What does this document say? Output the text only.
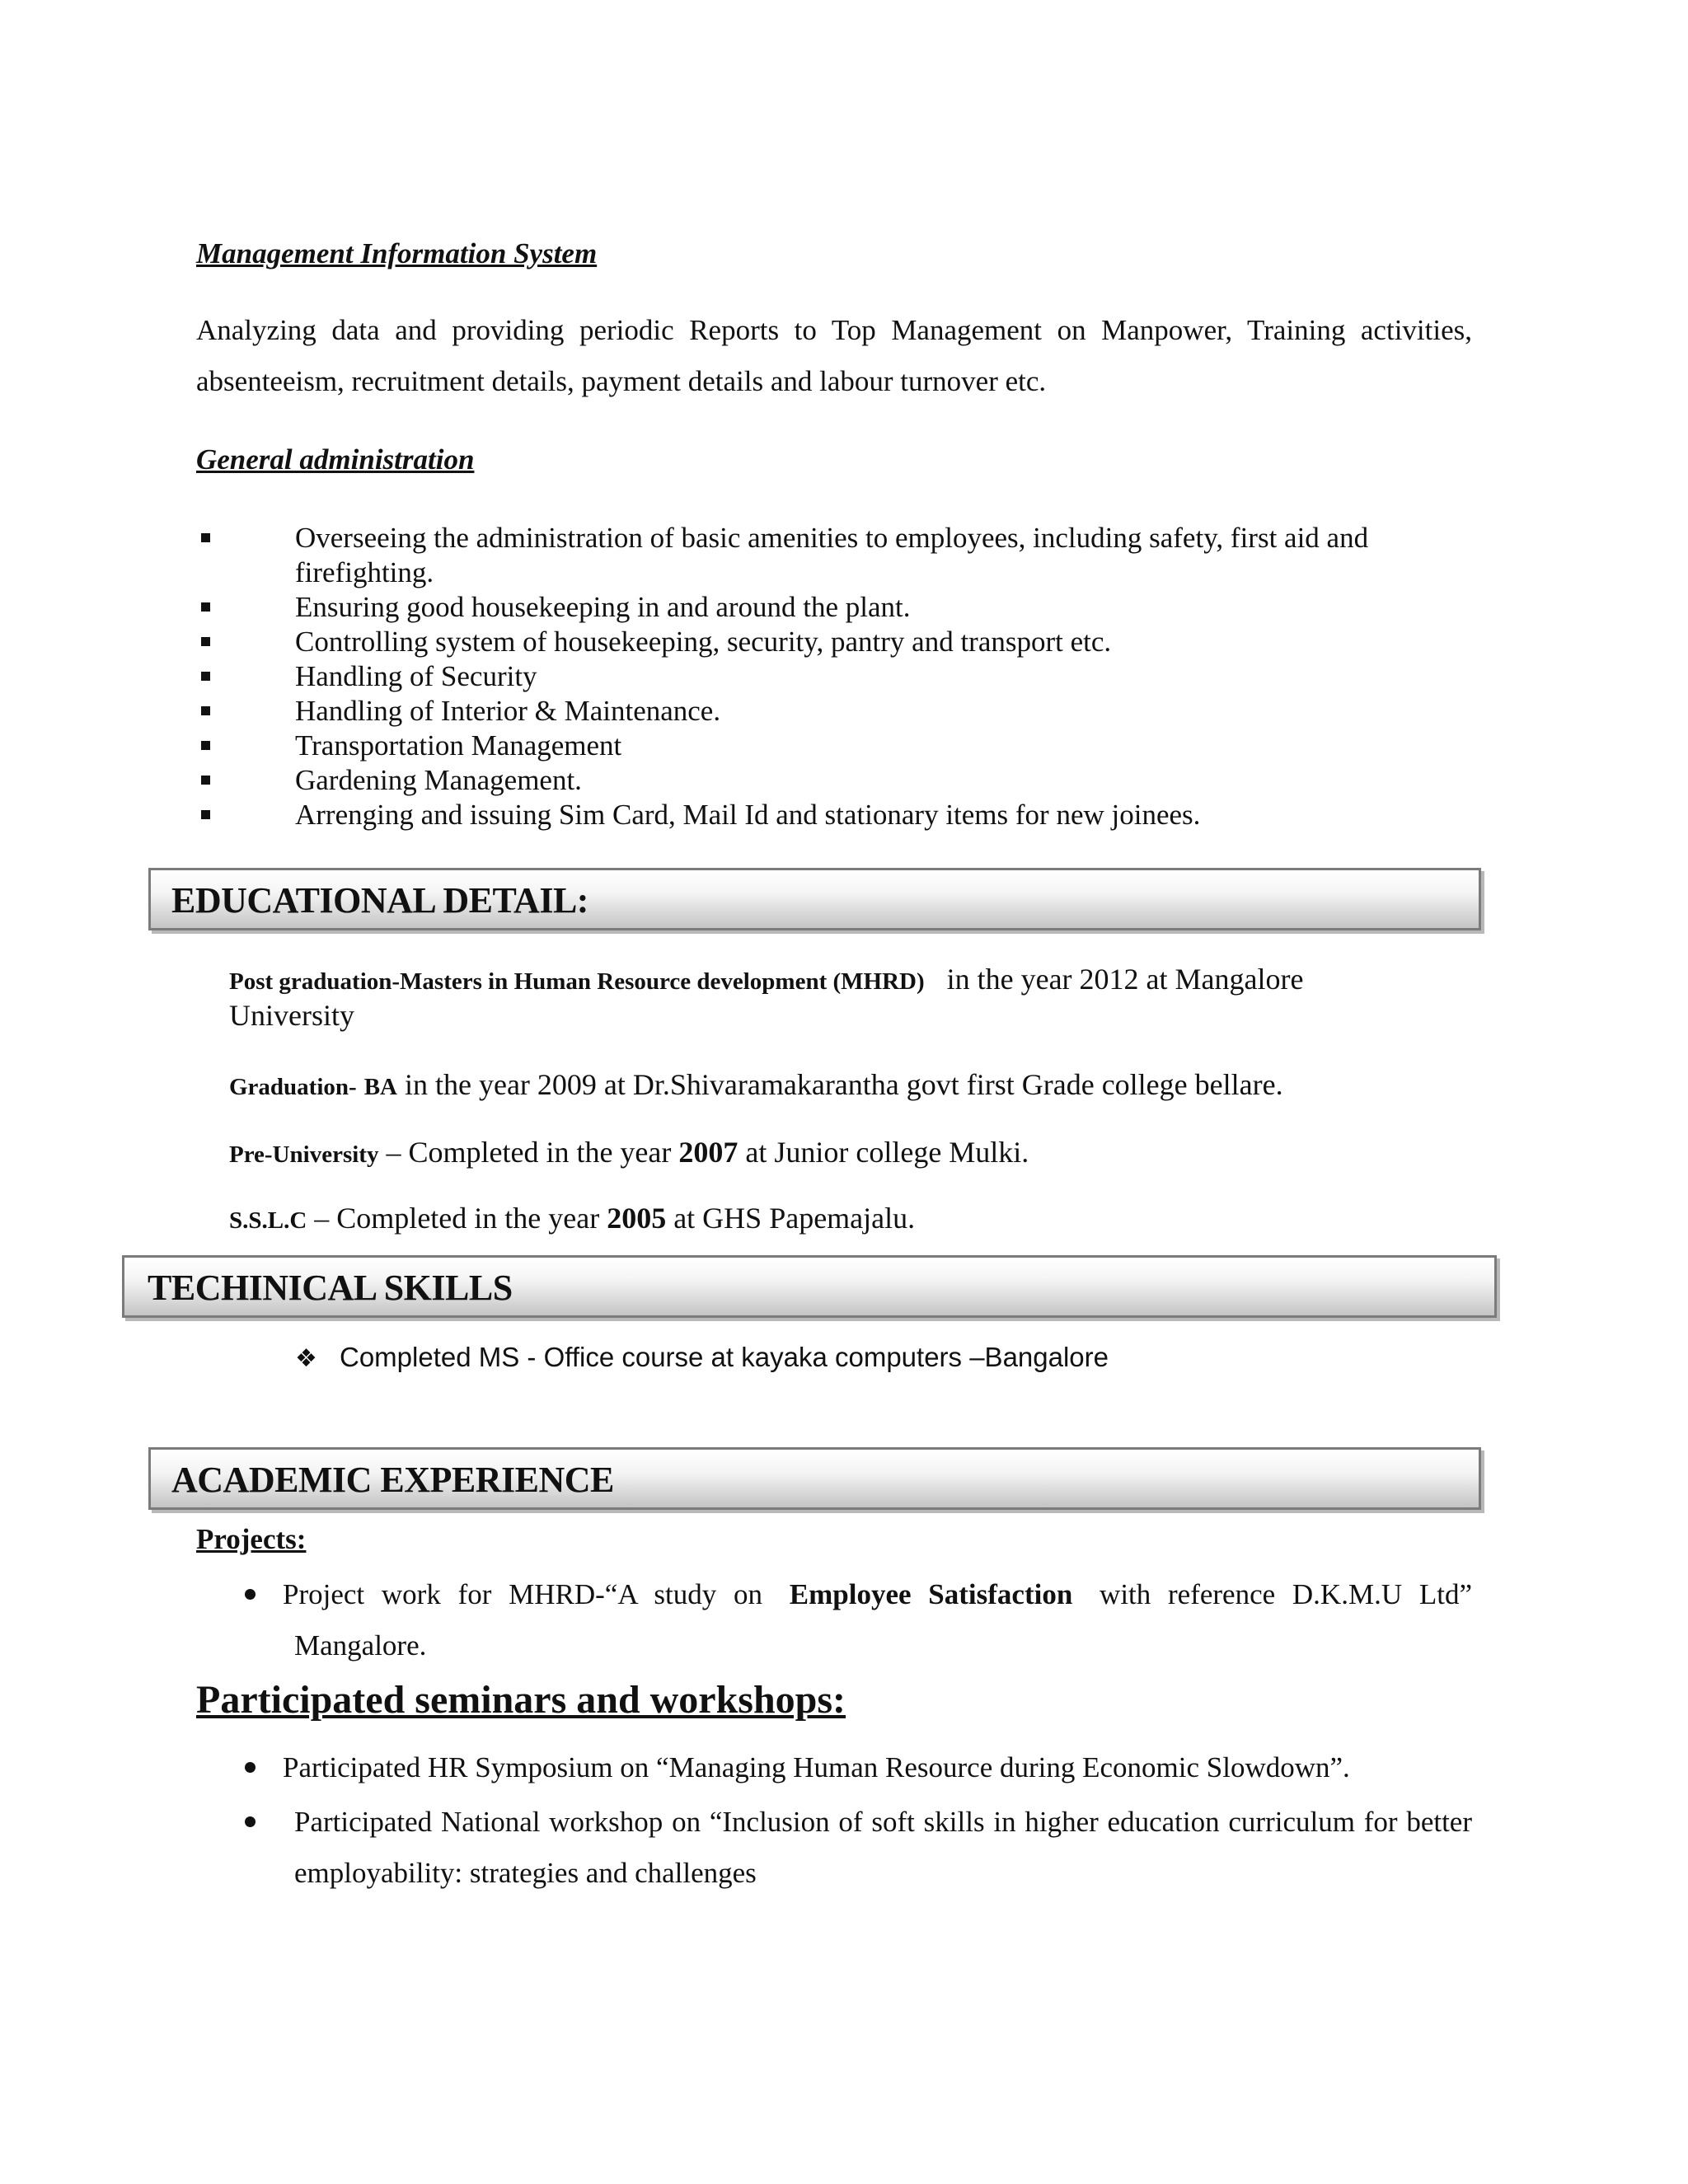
Management Information System
Analyzing data and providing periodic Reports to Top Management on Manpower, Training activities, absenteeism, recruitment details, payment details and labour turnover etc.
General administration
Overseeing the administration of basic amenities to employees, including safety, first aid and firefighting.
Ensuring good housekeeping in and around the plant.
Controlling system of housekeeping, security, pantry and transport etc.
Handling of Security
Handling of Interior & Maintenance.
Transportation Management
Gardening Management.
Arrenging and issuing Sim Card, Mail Id and stationary items for new joinees.
EDUCATIONAL DETAIL:
Post graduation-Masters in Human Resource development (MHRD) in the year 2012 at Mangalore
University
Graduation- BA in the year 2009 at Dr.Shivaramakarantha govt first Grade college bellare.
Pre-University – Completed in the year 2007 at Junior college Mulki.
S.S.L.C – Completed in the year 2005 at GHS Papemajalu.
TECHINICAL SKILLS
❖ Completed MS - Office course at kayaka computers –Bangalore
ACADEMIC EXPERIENCE
Projects:
Project work for MHRD-“A study on Employee Satisfaction with reference D.K.M.U Ltd”
Mangalore.
Participated seminars and workshops:
Participated HR Symposium on “Managing Human Resource during Economic Slowdown”.
Participated National workshop on “Inclusion of soft skills in higher education curriculum for better employability: strategies and challenges
